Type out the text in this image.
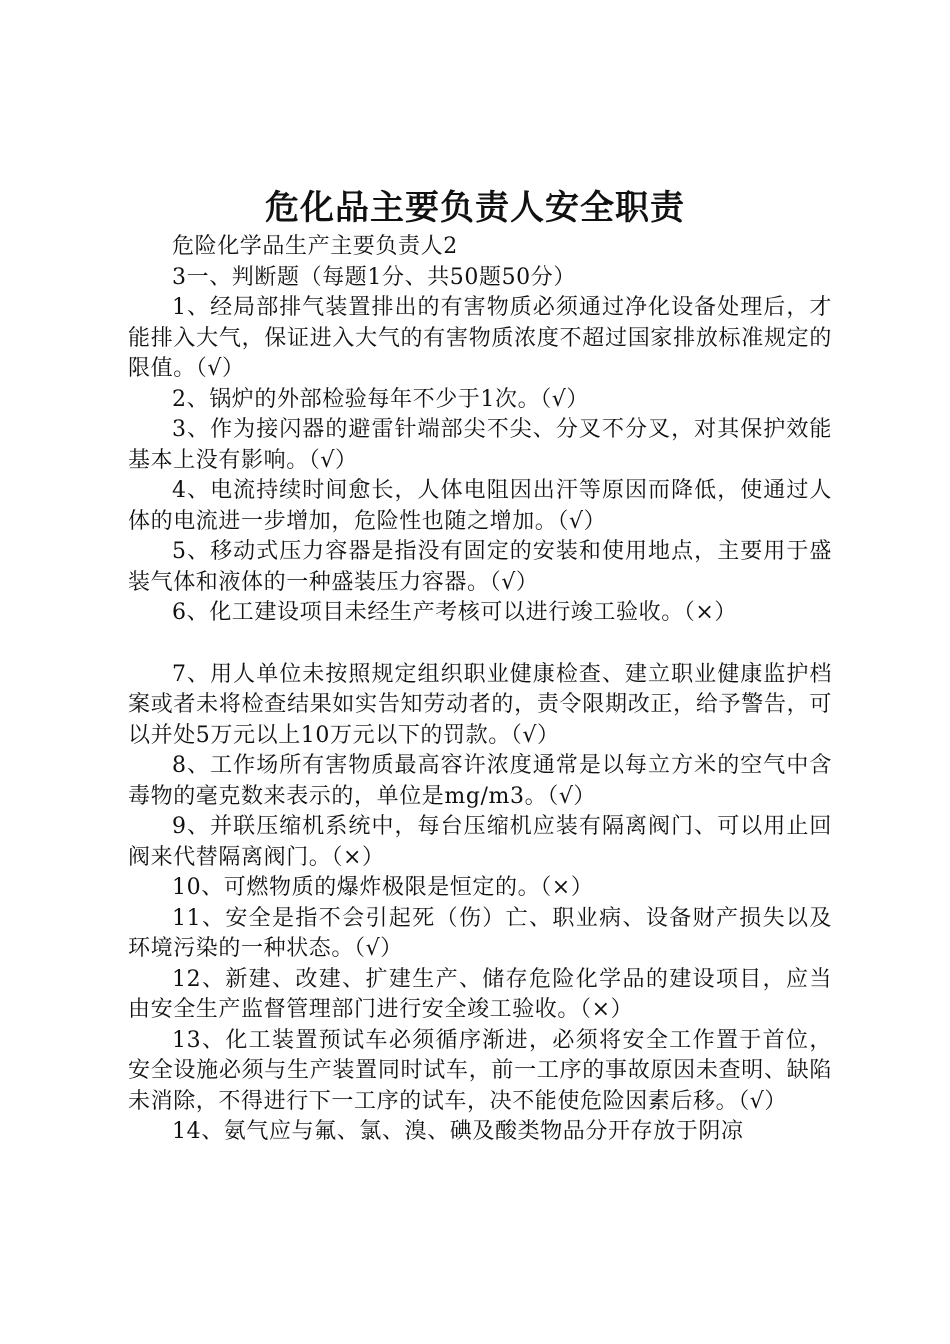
危化品主要负责人安全职责

危险化学品生产主要负责人2

3一、判断题（每题1分、共50题50分）

1、经局部排气装置排出的有害物质必须通过净化设备处理后，才能排入大气，保证进入大气的有害物质浓度不超过国家排放标准规定的限值。（√）

2、锅炉的外部检验每年不少于1次。（√）

3、作为接闪器的避雷针端部尖不尖、分叉不分叉，对其保护效能基本上没有影响。（√）

4、电流持续时间愈长，人体电阻因出汗等原因而降低，使通过人体的电流进一步增加，危险性也随之增加。（√）

5、移动式压力容器是指没有固定的安装和使用地点，主要用于盛装气体和液体的一种盛装压力容器。（√）

6、化工建设项目未经生产考核可以进行竣工验收。（×）

7、用人单位未按照规定组织职业健康检查、建立职业健康监护档案或者未将检查结果如实告知劳动者的，责令限期改正，给予警告，可以并处5万元以上10万元以下的罚款。（√）

8、工作场所有害物质最高容许浓度通常是以每立方米的空气中含毒物的毫克数来表示的，单位是mg/m3。（√）

9、并联压缩机系统中，每台压缩机应装有隔离阀门、可以用止回阀来代替隔离阀门。（×）

10、可燃物质的爆炸极限是恒定的。（×）

11、安全是指不会引起死（伤）亡、职业病、设备财产损失以及环境污染的一种状态。（√）

12、新建、改建、扩建生产、储存危险化学品的建设项目，应当由安全生产监督管理部门进行安全竣工验收。（×）

13、化工装置预试车必须循序渐进，必须将安全工作置于首位，安全设施必须与生产装置同时试车，前一工序的事故原因未查明、缺陷未消除，不得进行下一工序的试车，决不能使危险因素后移。（√）

14、氨气应与氟、氯、溴、碘及酸类物品分开存放于阴凉
